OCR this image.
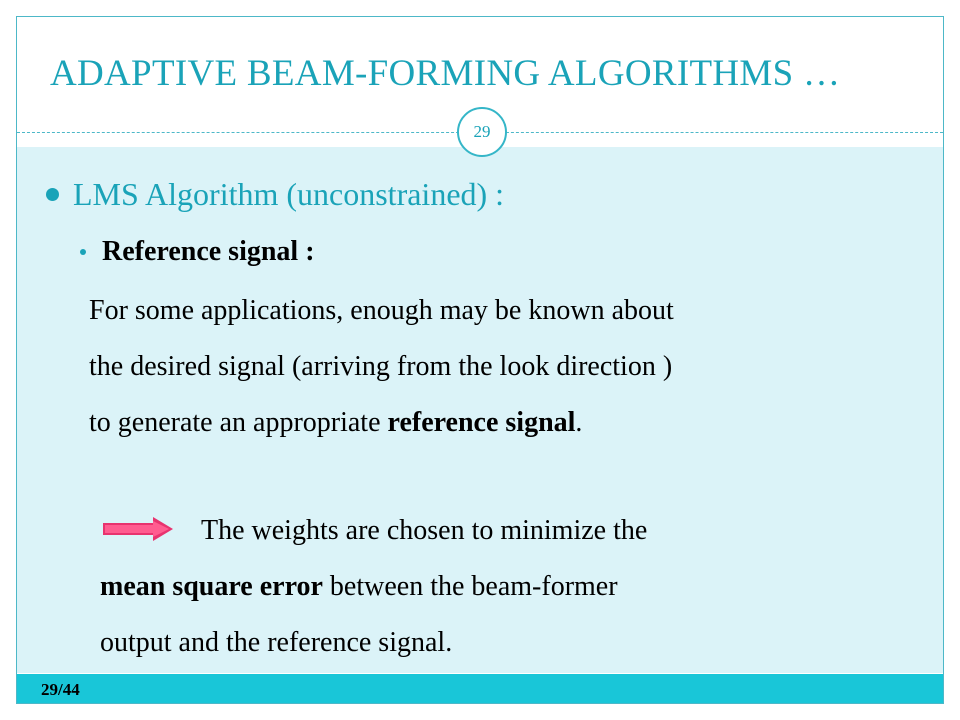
ADAPTIVE BEAM-FORMING ALGORITHMS …
29
LMS Algorithm (unconstrained) :
Reference signal :

For some applications, enough may be known about

the desired signal (arriving from the look direction )

to generate an appropriate reference signal.

The weights are chosen to minimize the

mean square error between the beam-former

output and the reference signal.

29/44
